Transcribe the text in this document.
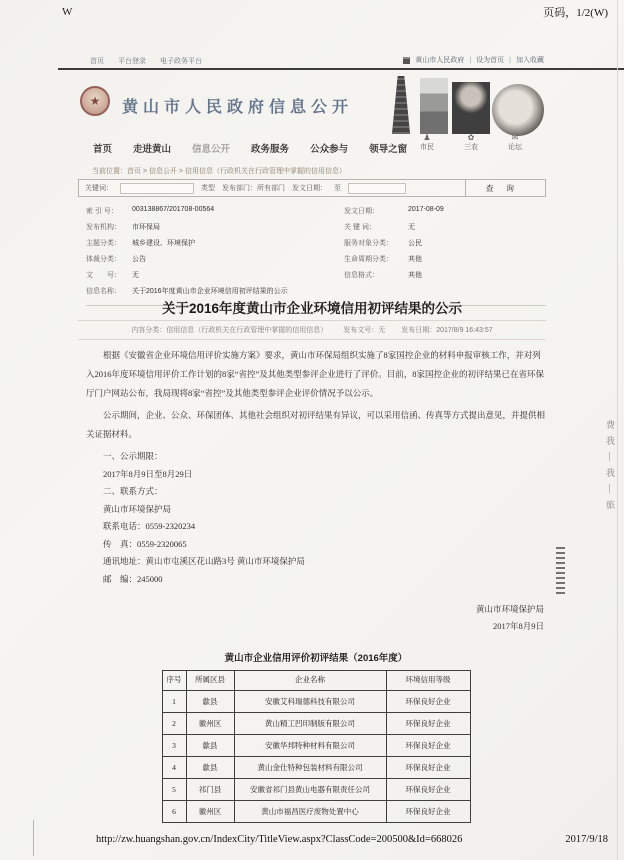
W	页码，1/2(W)
首页 平台登录 电子政务平台	黄山市人民政府 | 设为首页 | 加入收藏
★	黄山市人民政府信息公开
♟
市民
✿
三农
✉
论坛
首页 走进黄山 信息公开 政务服务 公众参与 领导之窗
当前位置：首页 > 信息公开 > 信用信息（行政机关在行政管理中掌握的信用信息）
关键词：	类型 发布部门：所有部门 发文日期： 至	查 询
索 引 号：	003138867/201708-00564	发文日期：	2017-08-09
发布机构：	市环保局	关 键 词：	无
主题分类：	城乡建设、环境保护	服务对象分类：	公民
体裁分类：	公告	生命周期分类：	其他
文　　号：	无	信息格式：	其他
信息名称：	关于2016年度黄山市企业环境信用初评结果的公示
关于2016年度黄山市企业环境信用初评结果的公示
内容分类：信用信息（行政机关在行政管理中掌握的信用信息） 发布文号：无 发布日期：2017/8/9 16:43:57

根据《安徽省企业环境信用评价实施方案》要求，黄山市环保局组织实施了8家国控企业的材料申报审核工作，并对列入2016年度环境信用评价工作计划的8家“省控”及其他类型参评企业进行了评价。目前，8家国控企业的初评结果已在省环保厅门户网站公布，我局现将8家“省控”及其他类型参评企业评价情况予以公示。

公示期间，企业、公众、环保团体、其他社会组织对初评结果有异议，可以采用信函、传真等方式提出意见，并提供相关证据材料。

一、公示期限：
2017年8月9日至8月29日
二、联系方式：
黄山市环境保护局
联系电话：0559-2320234
传　真：0559-2320065
通讯地址：黄山市屯溪区花山路3号 黄山市环境保护局
邮　编：245000
黄山市环境保护局
2017年8月9日
黄山市企业信用评价初评结果（2016年度）
序号	所属区县	企业名称	环境信用等级
1	歙县	安徽艾科瑞德科技有限公司	环保良好企业
2	徽州区	黄山精工凹印制版有限公司	环保良好企业
3	歙县	安徽华邦特种材料有限公司	环保良好企业
4	歙县	黄山金仕特种包装材料有限公司	环保良好企业
5	祁门县	安徽省祁门县黄山电器有限责任公司	环保良好企业
6	徽州区	黄山市福昌医疗废物处置中心	环保良好企业
http://zw.huangshan.gov.cn/IndexCity/TitleView.aspx?ClassCode=200500&Id=668026	2017/9/18
费我—我—旅
